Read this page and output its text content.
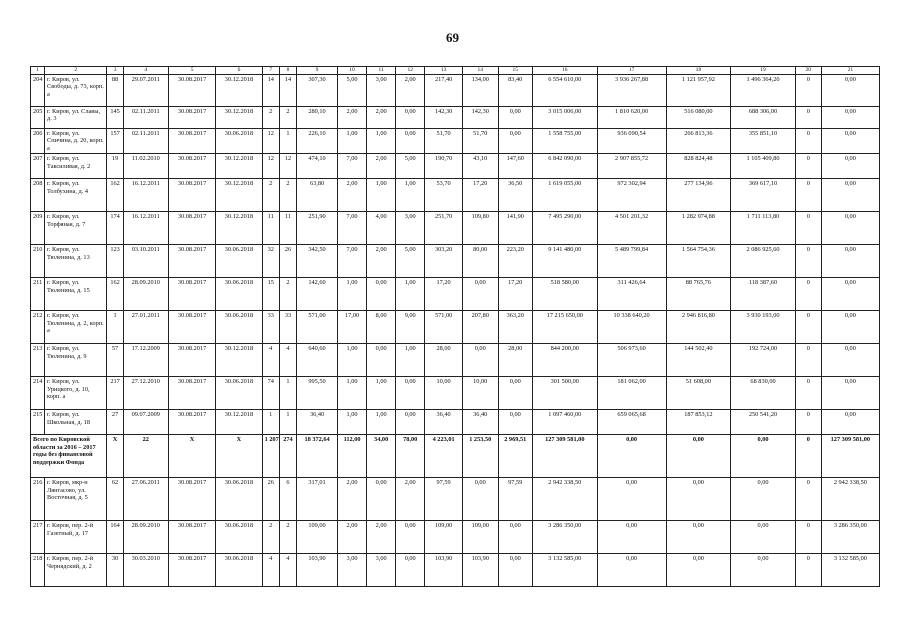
69
1	2	3	4	5	6	7	8	9	10	11	12	13	14	15	16	17	18	19	20	21
204	г. Киров, ул. Свободы, д. 73, корп. а	88	29.07.2011	30.08.2017	30.12.2018	14	14	307,30	5,00	3,00	2,00	217,40	134,00	83,40	6 554 610,00	3 936 267,88	1 121 957,92	1 496 364,20	0	0,00
205	г. Киров, ул. Славы, д. 3	145	02.11.2011	30.08.2017	30.12.2018	2	2	280,10	2,00	2,00	0,00	142,30	142,30	0,00	3 015 006,00	1 810 620,00	516 080,00	688 306,00	0	0,00
206	г. Киров, ул. Спичина, д. 20, корп. а	157	02.11.2011	30.08.2017	30.06.2018	12	1	226,10	1,00	1,00	0,00	51,70	51,70	0,00	1 558 755,00	936 090,54	266 813,36	355 851,10	0	0,00
207	г. Киров, ул. Таксиливая, д. 2	19	11.02.2010	30.08.2017	30.12.2018	12	12	474,10	7,00	2,00	5,00	190,70	43,10	147,60	6 842 090,00	2 907 855,72	828 824,48	1 105 409,80	0	0,00
208	г. Киров, ул. Толбухина, д. 4	162	16.12.2011	30.08.2017	30.12.2018	2	2	63,80	2,00	1,00	1,00	53,70	17,20	36,50	1 619 055,00	972 302,94	277 134,96	369 617,10	0	0,00
209	г. Киров, ул. Торфяная, д. 7	174	16.12.2011	30.08.2017	30.12.2018	11	11	251,90	7,00	4,00	3,00	251,70	109,80	141,90	7 495 290,00	4 501 201,32	1 282 974,88	1 711 113,80	0	0,00
210	г. Киров, ул. Тюленина, д. 13	123	03.10.2011	30.08.2017	30.06.2018	32	26	342,50	7,00	2,00	5,00	303,20	80,00	223,20	9 141 480,00	5 489 799,84	1 564 754,36	2 086 925,60	0	0,00
211	г. Киров, ул. Тюленина, д. 15	162	28.09.2010	30.08.2017	30.06.2018	15	2	142,60	1,00	0,00	1,00	17,20	0,00	17,20	518 580,00	311 426,64	88 765,76	118 387,60	0	0,00
212	г. Киров, ул. Тюленина, д. 2, корп. а	1	27.01.2011	30.08.2017	30.06.2018	33	33	571,00	17,00	8,00	9,00	571,00	207,80	363,20	17 215 650,00	10 338 640,20	2 946 816,80	3 930 193,00	0	0,00
213	г. Киров, ул. Тюленина, д. 9	57	17.12.2009	30.08.2017	30.12.2018	4	4	640,60	1,00	0,00	1,00	28,00	0,00	28,00	844 200,00	506 973,60	144 502,40	192 724,00	0	0,00
214	г. Киров, ул. Урицкого, д. 10, корп. а	217	27.12.2010	30.08.2017	30.06.2018	74	1	995,50	1,00	1,00	0,00	10,00	10,00	0,00	301 500,00	181 062,00	51 608,00	68 830,00	0	0,00
215	г. Киров, ул. Школьная, д. 18	27	09.07.2009	30.08.2017	30.12.2018	1	1	36,40	1,00	1,00	0,00	36,40	36,40	0,00	1 097 460,00	659 065,68	187 853,12	250 541,20	0	0,00
Всего по Кировской области за 2016 – 2017 годы без финансовой поддержки Фонда		X	22	X	X	1 207	274	18 372,64	112,00	34,00	78,00	4 223,01	1 253,50	2 969,51	127 309 581,00	0,00	0,00	0,00	0	127 309 581,00
216	г. Киров, мкр-н Лянгасово, ул. Восточная, д. 5	62	27.06.2011	30.08.2017	30.06.2018	26	6	317,01	2,00	0,00	2,00	97,59	0,00	97,59	2 942 338,50	0,00	0,00	0,00	0	2 942 338,50
217	г. Киров, пер. 2-й Газетный, д. 17	164	28.09.2010	30.08.2017	30.06.2018	2	2	109,00	2,00	2,00	0,00	109,00	109,00	0,00	3 286 350,00	0,00	0,00	0,00	0	3 286 350,00
218	г. Киров, пер. 2-й Чернядский, д. 2	30	30.03.2010	30.08.2017	30.06.2018	4	4	103,90	3,00	3,00	0,00	103,90	103,90	0,00	3 132 585,00	0,00	0,00	0,00	0	3 132 585,00
